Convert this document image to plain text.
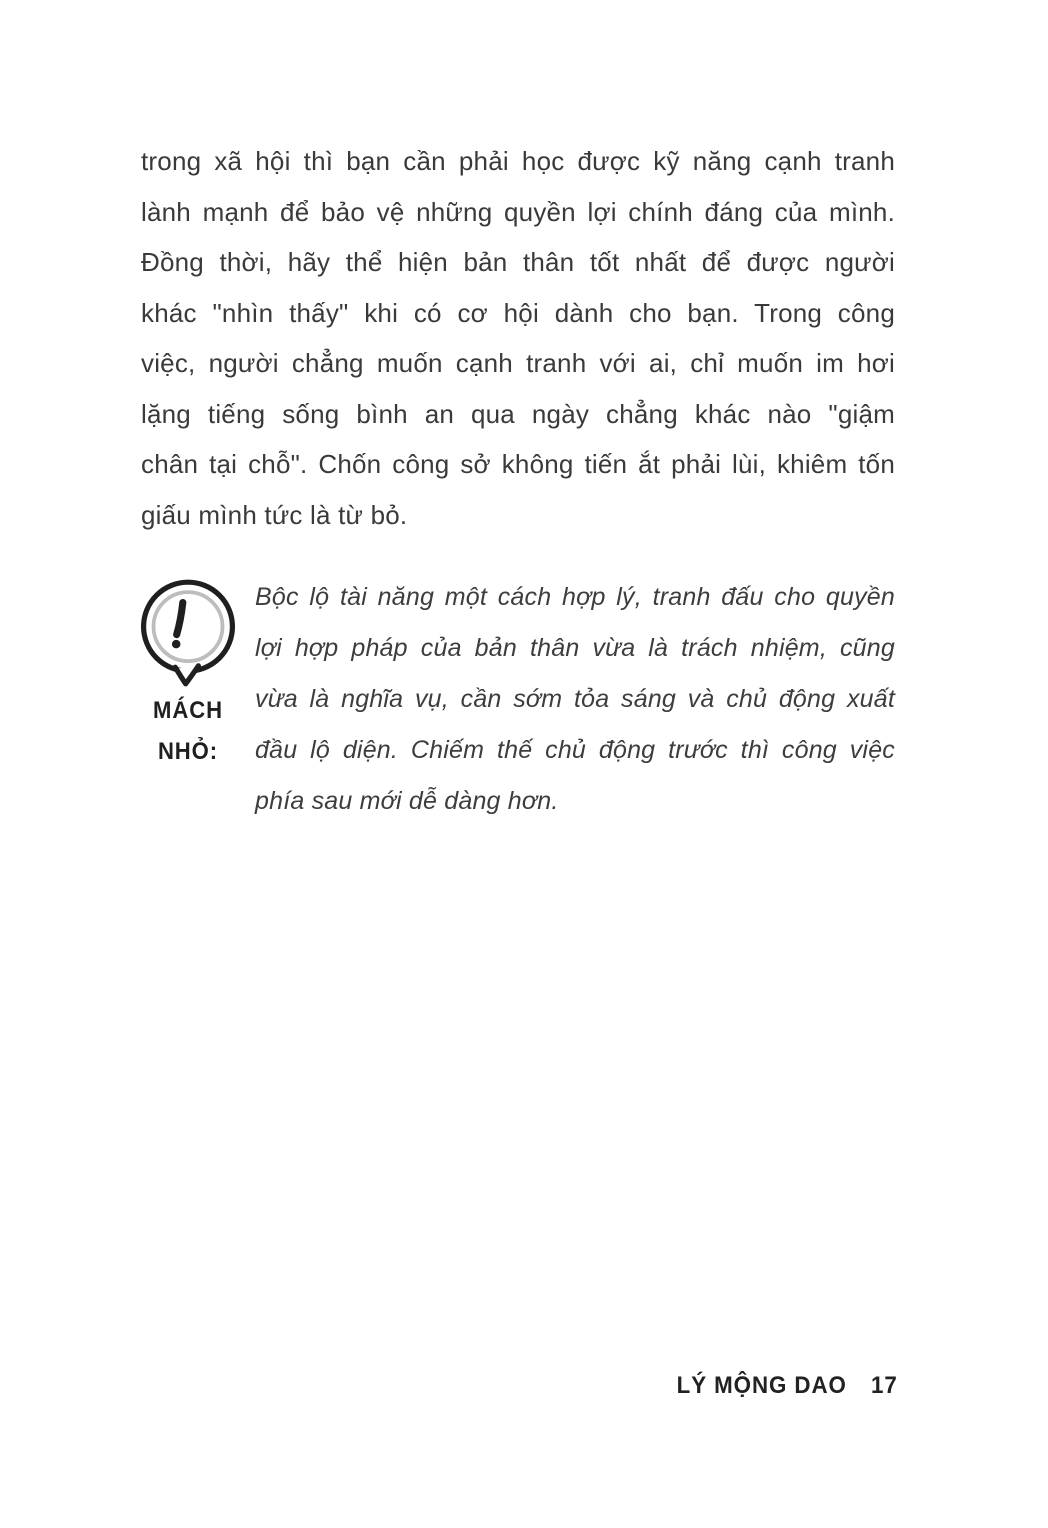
trong xã hội thì bạn cần phải học được kỹ năng cạnh tranh
lành mạnh để bảo vệ những quyền lợi chính đáng của mình.
Đồng thời, hãy thể hiện bản thân tốt nhất để được người
khác "nhìn thấy" khi có cơ hội dành cho bạn. Trong công
việc, người chẳng muốn cạnh tranh với ai, chỉ muốn im hơi
lặng tiếng sống bình an qua ngày chẳng khác nào "giậm
chân tại chỗ". Chốn công sở không tiến ắt phải lùi, khiêm tốn
giấu mình tức là từ bỏ.
MÁCH
NHỎ:
Bộc lộ tài năng một cách hợp lý, tranh đấu cho quyền
lợi hợp pháp của bản thân vừa là trách nhiệm, cũng
vừa là nghĩa vụ, cần sớm tỏa sáng và chủ động xuất
đầu lộ diện. Chiếm thế chủ động trước thì công việc
phía sau mới dễ dàng hơn.
LÝ MỘNG DAO 17
